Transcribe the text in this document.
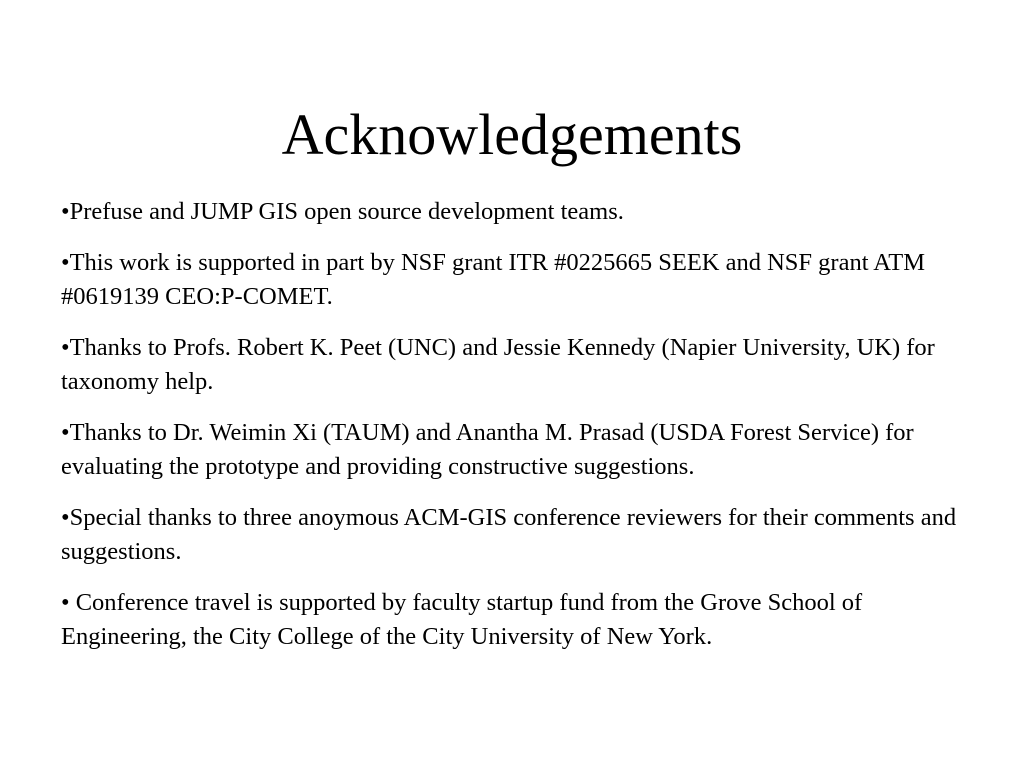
Acknowledgements
•Prefuse and JUMP GIS open source development teams.
•This work is supported in part by NSF grant ITR #0225665 SEEK and NSF grant ATM #0619139 CEO:P-COMET.
•Thanks to Profs. Robert K. Peet (UNC) and Jessie Kennedy (Napier University, UK) for taxonomy help.
•Thanks to Dr. Weimin Xi (TAUM) and Anantha M. Prasad (USDA Forest Service) for evaluating the prototype and providing constructive suggestions.
•Special thanks to three anoymous ACM-GIS conference reviewers for their comments and suggestions.
• Conference travel is supported by faculty startup fund from the Grove School of Engineering, the City College of the City University of New York.
